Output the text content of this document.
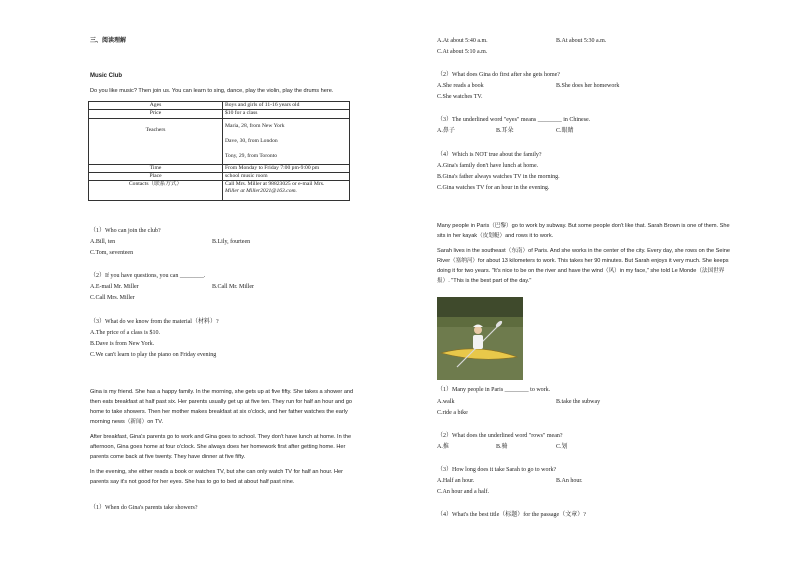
三、阅读理解
Music Club
Do you like music? Then join us. You can learn to sing, dance, play the violin, play the drums here.
Ages	Boys and girls of 11-16 years old
Price	$10 for a class
Teachers	Maria, 28, from New York
Dave, 30, from London
Tony, 29, from Toronto

Time	From Monday to Friday 7:00 pm-9:00 pm
Place	school music room
Contacts（联系方式）	Call Mrs. Miller at 98823025 or e-mail Mrs.
Miller at Miller2021@163.com.
（1）Who can join the club?
A.Bill, ten	B.Lily, fourteen
C.Tom, seventeen
（2）If you have questions, you can ________.
A.E-mail Mr. Miller	B.Call Mr. Miller
C.Call Mrs. Miller
（3）What do we know from the material（材料）?
A.The price of a class is $10.
B.Dave is from New York.
C.We can't learn to play the piano on Friday evening
Gina is my friend. She has a happy family. In the morning, she gets up at five fifty. She takes a shower and then eats breakfast at half past six. Her parents usually get up at five ten. They run for half an hour and go home to take showers. Then her mother makes breakfast at six o'clock, and her father watches the early morning news（新闻）on TV.
After breakfast, Gina's parents go to work and Gina goes to school. They don't have lunch at home. In the afternoon, Gina goes home at four o'clock. She always does her homework first after getting home. Her parents come back at five twenty. They have dinner at five fifty.
In the evening, she either reads a book or watches TV, but she can only watch TV for half an hour. Her parents say it's not good for her eyes. She has to go to bed at about half past nine.
（1）When do Gina's parents take showers?
A.At about 5:40 a.m.	B.At about 5:30 a.m.
C.At about 5:10 a.m.
（2）What does Gina do first after she gets home?
A.She reads a book	B.She does her homework
C.She watches TV.
（3）The underlined word "eyes" means ________ in Chinese.
A.鼻子	B.耳朵	C.眼睛
（4）Which is NOT true about the family?
A.Gina's family don't have lunch at home.
B.Gina's father always watches TV in the morning.
C.Gina watches TV for an hour in the evening.
Many people in Paris（巴黎）go to work by subway. But some people don't like that. Sarah Brown is one of them. She sits in her kayak（皮划艇）and rows it to work.
Sarah lives in the southeast（东南）of Paris. And she works in the center of the city. Every day, she rows on the Seine River（塞纳河）for about 13 kilometers to work. This takes her 90 minutes. But Sarah enjoys it very much. She keeps doing it for two years. "It's nice to be on the river and have the wind（风）in my face," she told Le Monde（法国世界报）. "This is the best part of the day."
（1）Many people in Paris ________ to work.
A.walk	B.take the subway
C.ride a bike
（2）What does the underlined word "rows" mean?
A.推	B.骑	C.划
（3）How long does it take Sarah to go to work?
A.Half an hour.	B.An hour.
C.An hour and a half.
（4）What's the best title（标题）for the passage（文章）?
